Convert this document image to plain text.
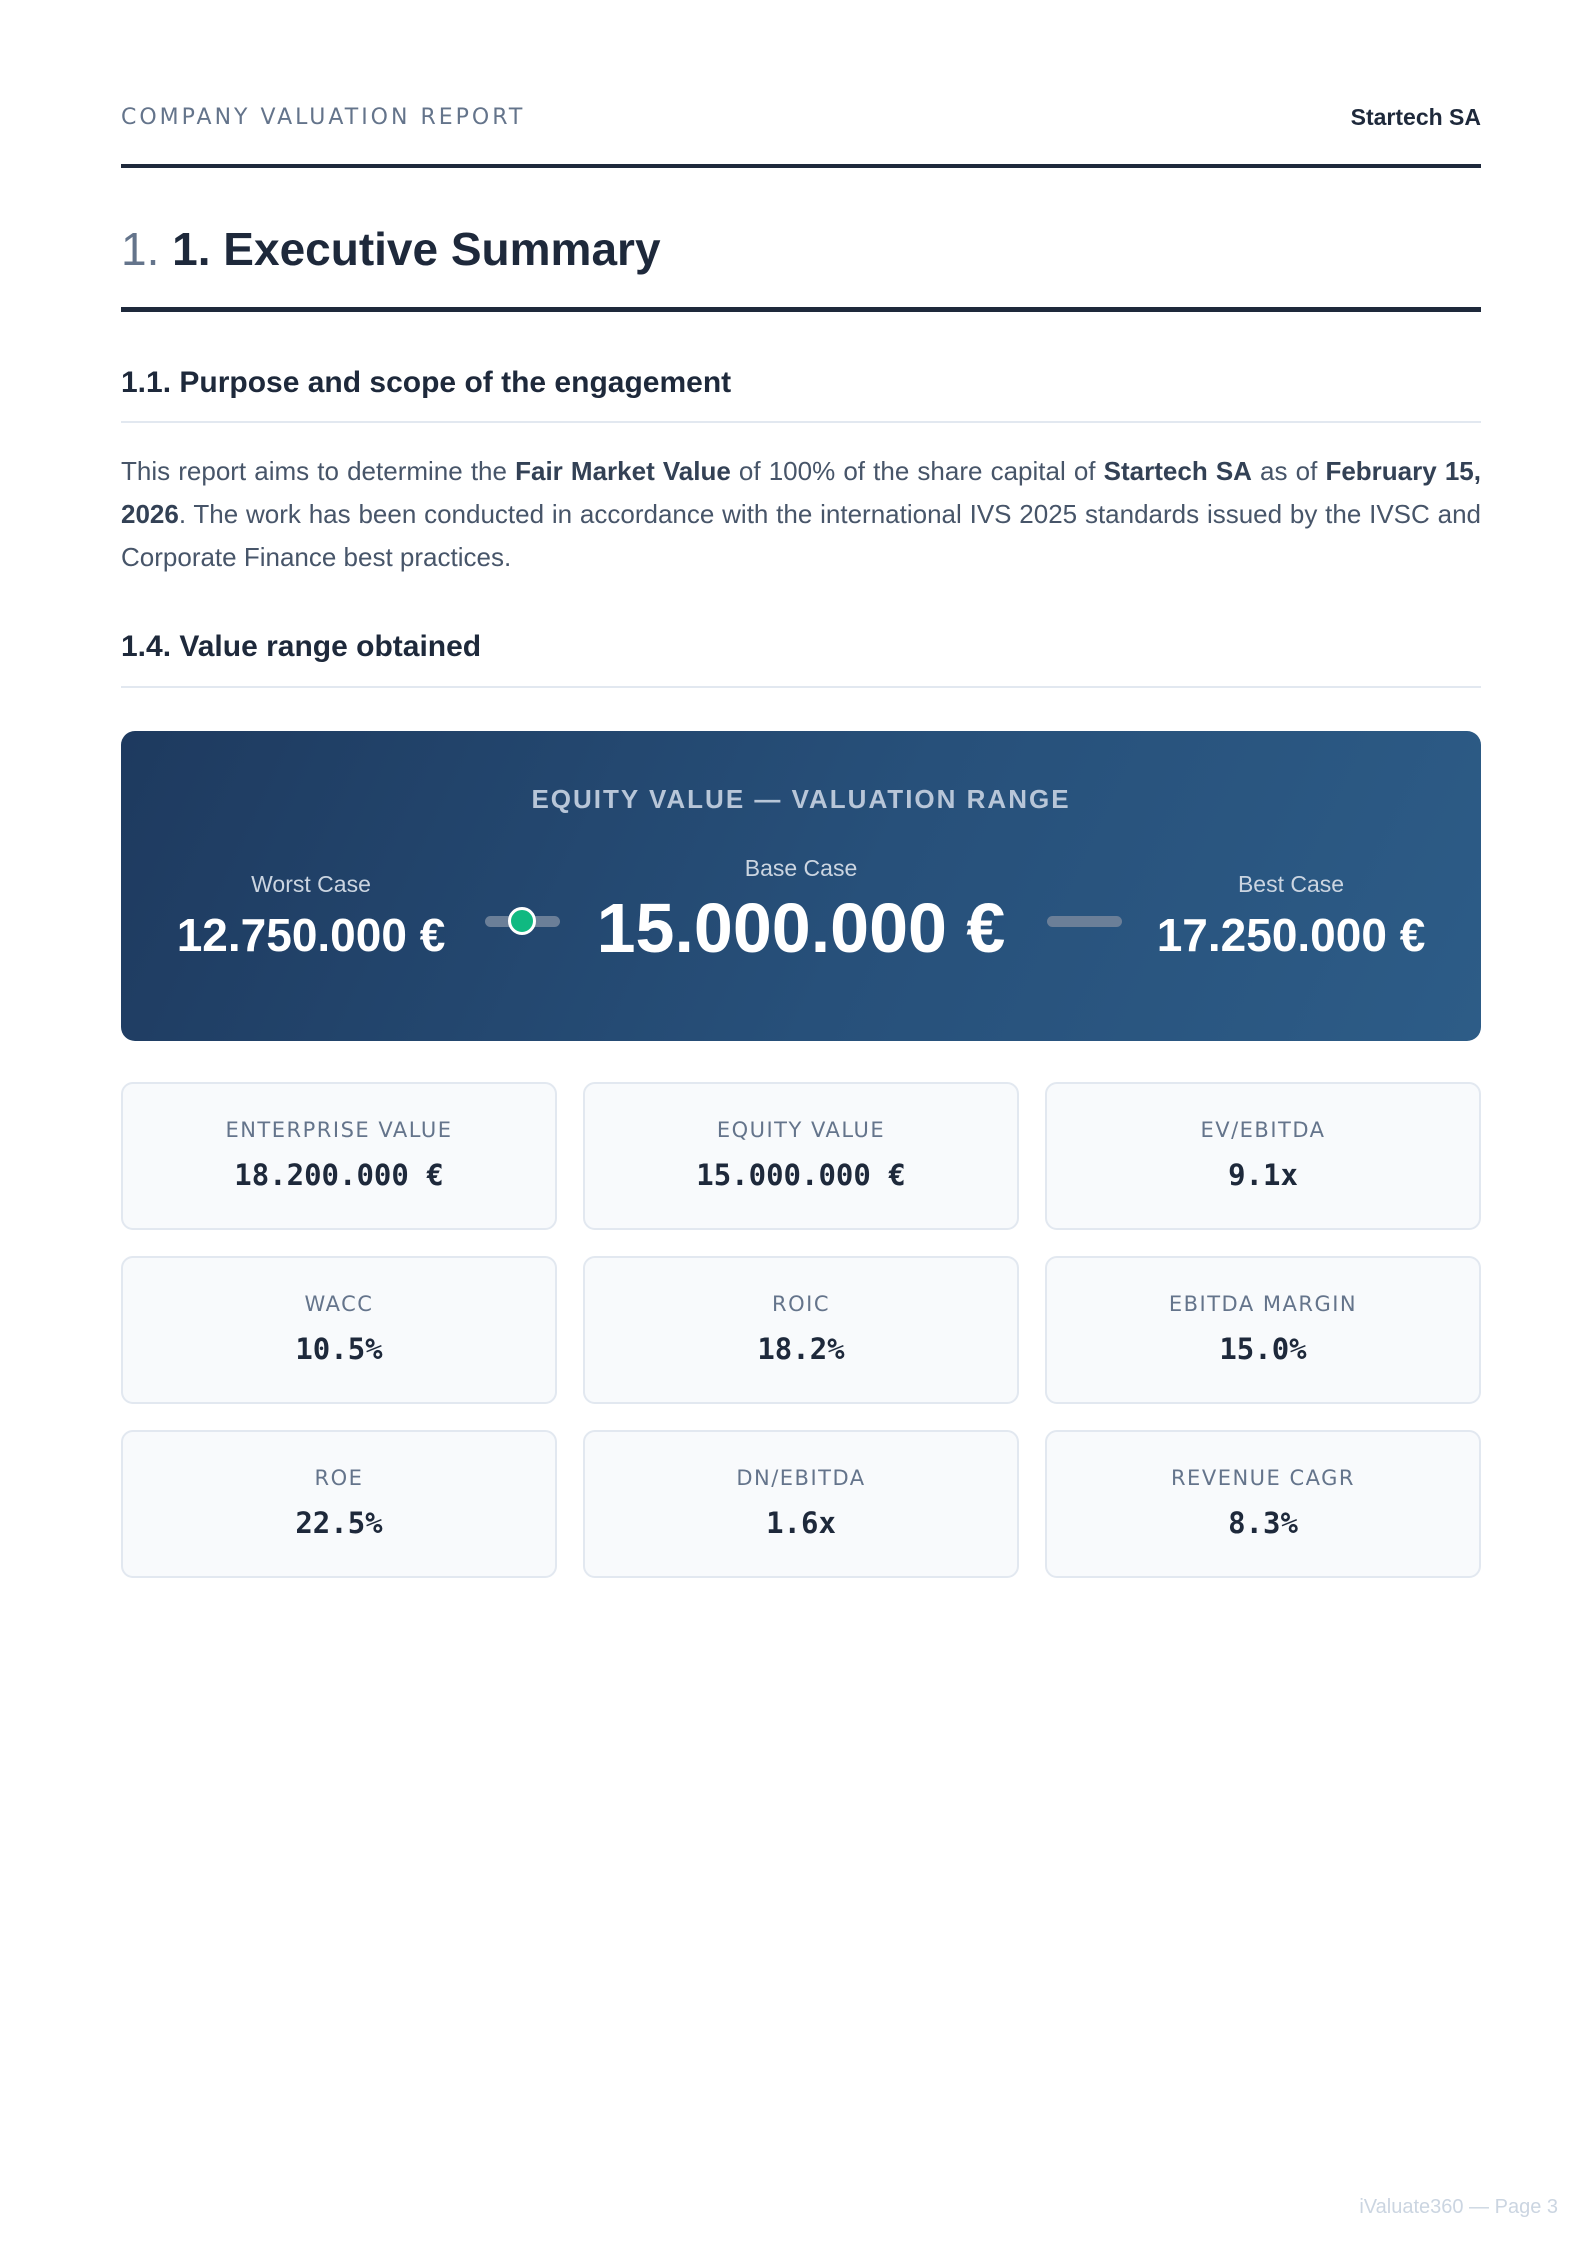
COMPANY VALUATION REPORT	Startech SA
1. 1. Executive Summary
1.1. Purpose and scope of the engagement
This report aims to determine the Fair Market Value of 100% of the share capital of Startech SA as of February 15, 2026. The work has been conducted in accordance with the international IVS 2025 standards issued by the IVSC and Corporate Finance best practices.
1.4. Value range obtained
EQUITY VALUE — VALUATION RANGE
Worst Case
12.750.000 €
Base Case
15.000.000 €
Best Case
17.250.000 €
ENTERPRISE VALUE
18.200.000 €
EQUITY VALUE
15.000.000 €
EV/EBITDA
9.1x
WACC
10.5%
ROIC
18.2%
EBITDA MARGIN
15.0%
ROE
22.5%
DN/EBITDA
1.6x
REVENUE CAGR
8.3%
iValuate360 — Page 3
